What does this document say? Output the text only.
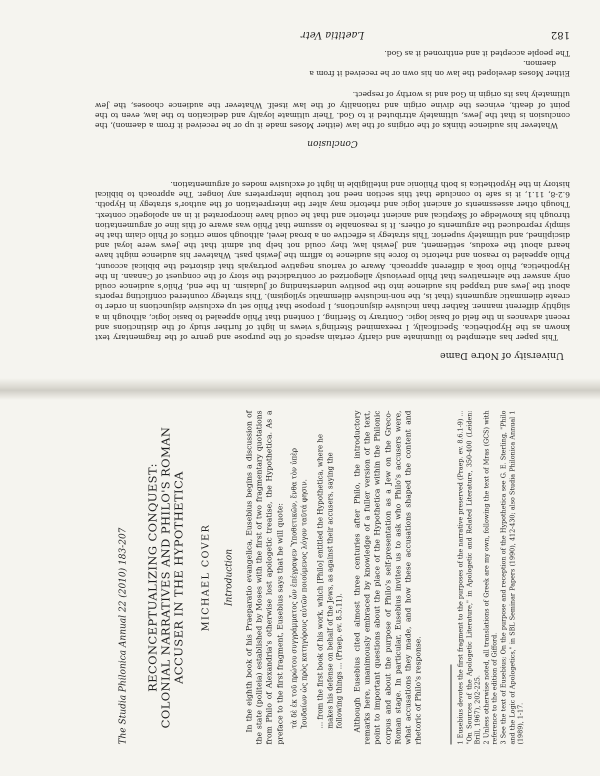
182
Laetitia Vetr

Either Moses developed the law on his own or he received it from a

daemon.

The people accepted it and enthroned it as God.

Whatever his audience thinks of the origins of the law (either Moses made it up or he received it from a daemon), the conclusion is that the Jews, ultimately attributed it to God. Their ultimate loyalty and dedication to the law, even to the point of death, evinces the divine origin and rationality of the law itself. Whatever the audience chooses, the Jew ultimately has its origin in God and is worthy of respect.

Conclusion

This paper has attempted to illuminate and clarify certain aspects of the purpose and genre of the fragmentary text known as the Hypothetica. Specifically, I reexamined Sterling's views in light of further study of the distinctions and recent advances in the field of basic logic. Contrary to Sterling, I contend that Philo appealed to basic logic, although in a slightly different manner. Rather than inclusive disjunctions, I propose that Philo set up exclusive disjunctions in order to create dilemmatic arguments (that is, the non-inclusive dilemmatic syllogism). This strategy countered conflicting reports about the Jews and trapped his audience into the positive understanding of Judaism. In the end, Philo's audience could only answer the alternatives that Philo previously allegorized or contradicted the story of the conquest of Canaan. In the Hypothetica, Philo took a different approach. Aware of various negative portrayals that distorted the biblical account, Philo appealed to reason and rhetoric to force his audience to affirm the Jewish past. Whatever his audience might have heard about the exodus, settlement, and Jewish law, they could not help but admit that the Jews were loyal and disciplined, and ultimately superior. This strategy is effective on a broad level, although some critics of Philo claim that he simply reproduced the arguments of others. It is reasonable to assume that Philo was aware of this line of argumentation through his knowledge of Skeptical and ancient rhetoric and that he could have incorporated it in an apologetic context. Though other assessments of ancient logic and rhetoric may alter the interpretation of the author's strategy in Hypoth. 6.2-8, 11.1, it is safe to conclude that this section need not trouble interpreters any longer. The approach to biblical history in the Hypothetica is both Philonic and intelligible in light of exclusive modes of argumentation.

University of Notre Dame
The Studia Philonica Annual 22 (2010) 183-207 RECONCEPTUALIZING CONQUEST: COLONIAL NARRATIVES AND PHILO'S ROMAN ACCUSER IN THE HYPOTHETICA MICHAEL COVER Introduction In the eighth book of his Praeparatio evangelica, Eusebius begins a discussion of the state (politeia) established by Moses with the first of two fragmentary quotations from Philo of Alexandria's otherwise lost apologetic treatise, the Hypothetica. As a preface to the first fragment, Eusebius says that he will quote: τὰ δὲ ἐκ τοῦ πρώτου συγγράμματος ὧν ἐπέγραψεν Ὑποθετικῶν, ἔνθα τὸν ὑπὲρ Ἰουδαίων ὡς πρὸς κατηγόρους αὐτῶν ποιούμενος λόγον ταῦτά φησιν. ... from the first book of his work, which [Philo] entitled the Hypothetica, where he makes his defense on behalf of the Jews, as against their accusers, saying the following things ... (Praep. ev. 8.5.11). Although Eusebius cited almost three centuries after Philo, the introductory remarks here, unanimously embraced by knowledge of a fuller version of the text, point to important questions about the place of the Hypothetica within the Philonic corpus and about the purpose of Philo's self-presentation as a Jew on the Greco-Roman stage. In particular, Eusebius invites us to ask who Philo's accusers were, what accusations they made, and how these accusations shaped the content and rhetoric of Philo's response.	1 Eusebius devotes the first fragment to the purposes of the narrative preserved (Praep. ev. 8.6.1-9) ... "On Sources of the Apologetic Literature," in Apologetic and Related Literature, 350-400 (Leiden: Brill, 1967), 202-225. 2 Unless otherwise noted, all translations of Greek are my own, following the text of Mras (GCS) with reference to the edition of Gifford. 3 See the text of Eusebius; On the purpose and reception of the Hypothetica see G. E. Sterling, "Philo and the Logic of Apologetics," in SBL Seminar Papers (1990), 412-430; also Studia Philonica Annual 1 (1989), 1-17.
